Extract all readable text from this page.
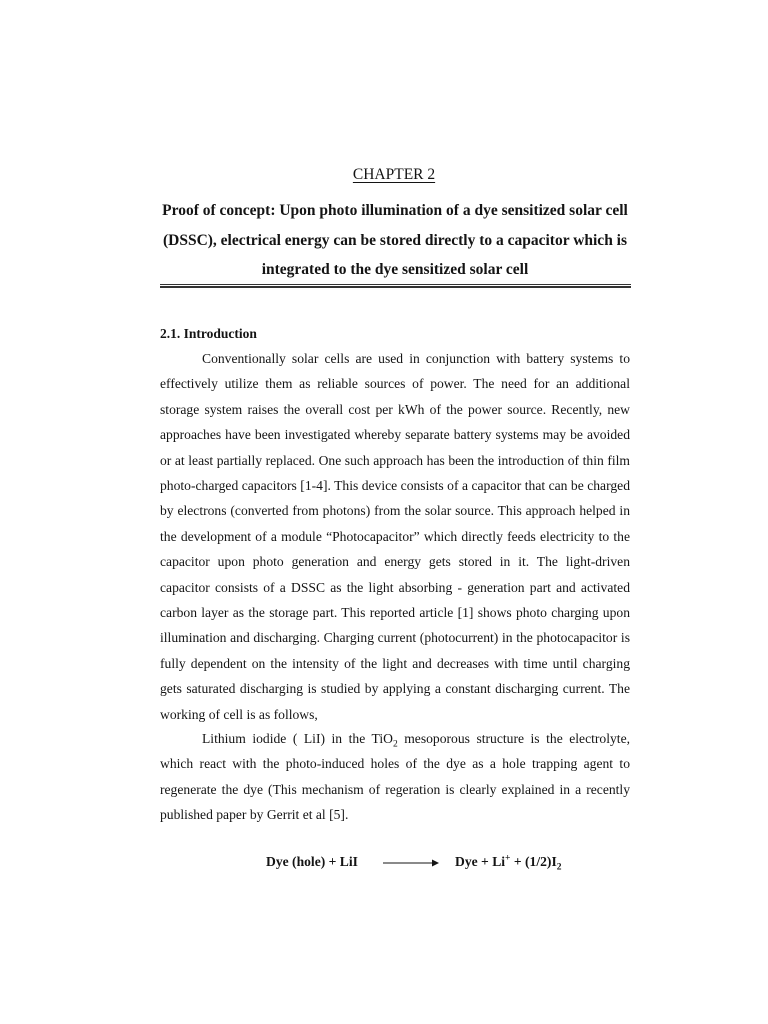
CHAPTER 2
Proof of concept: Upon photo illumination of a dye sensitized solar cell (DSSC), electrical energy can be stored directly to a capacitor which is integrated to the dye sensitized solar cell
2.1. Introduction

Conventionally solar cells are used in conjunction with battery systems to effectively utilize them as reliable sources of power. The need for an additional storage system raises the overall cost per kWh of the power source. Recently, new approaches have been investigated whereby separate battery systems may be avoided or at least partially replaced. One such approach has been the introduction of thin film photo-charged capacitors [1-4]. This device consists of a capacitor that can be charged by electrons (converted from photons) from the solar source. This approach helped in the development of a module “Photocapacitor” which directly feeds electricity to the capacitor upon photo generation and energy gets stored in it. The light-driven capacitor consists of a DSSC as the light absorbing - generation part and activated carbon layer as the storage part. This reported article [1] shows photo charging upon illumination and discharging. Charging current (photocurrent) in the photocapacitor is fully dependent on the intensity of the light and decreases with time until charging gets saturated discharging is studied by applying a constant discharging current. The working of cell is as follows,

Lithium iodide ( LiI) in the TiO$_2$ mesoporous structure is the electrolyte, which react with the photo-induced holes of the dye as a hole trapping agent to regenerate the dye (This mechanism of regeration is clearly explained in a recently published paper by Gerrit et al [5].

Dye (hole) + LiI	Dye + $Li^+ + (1/2)I_2$
